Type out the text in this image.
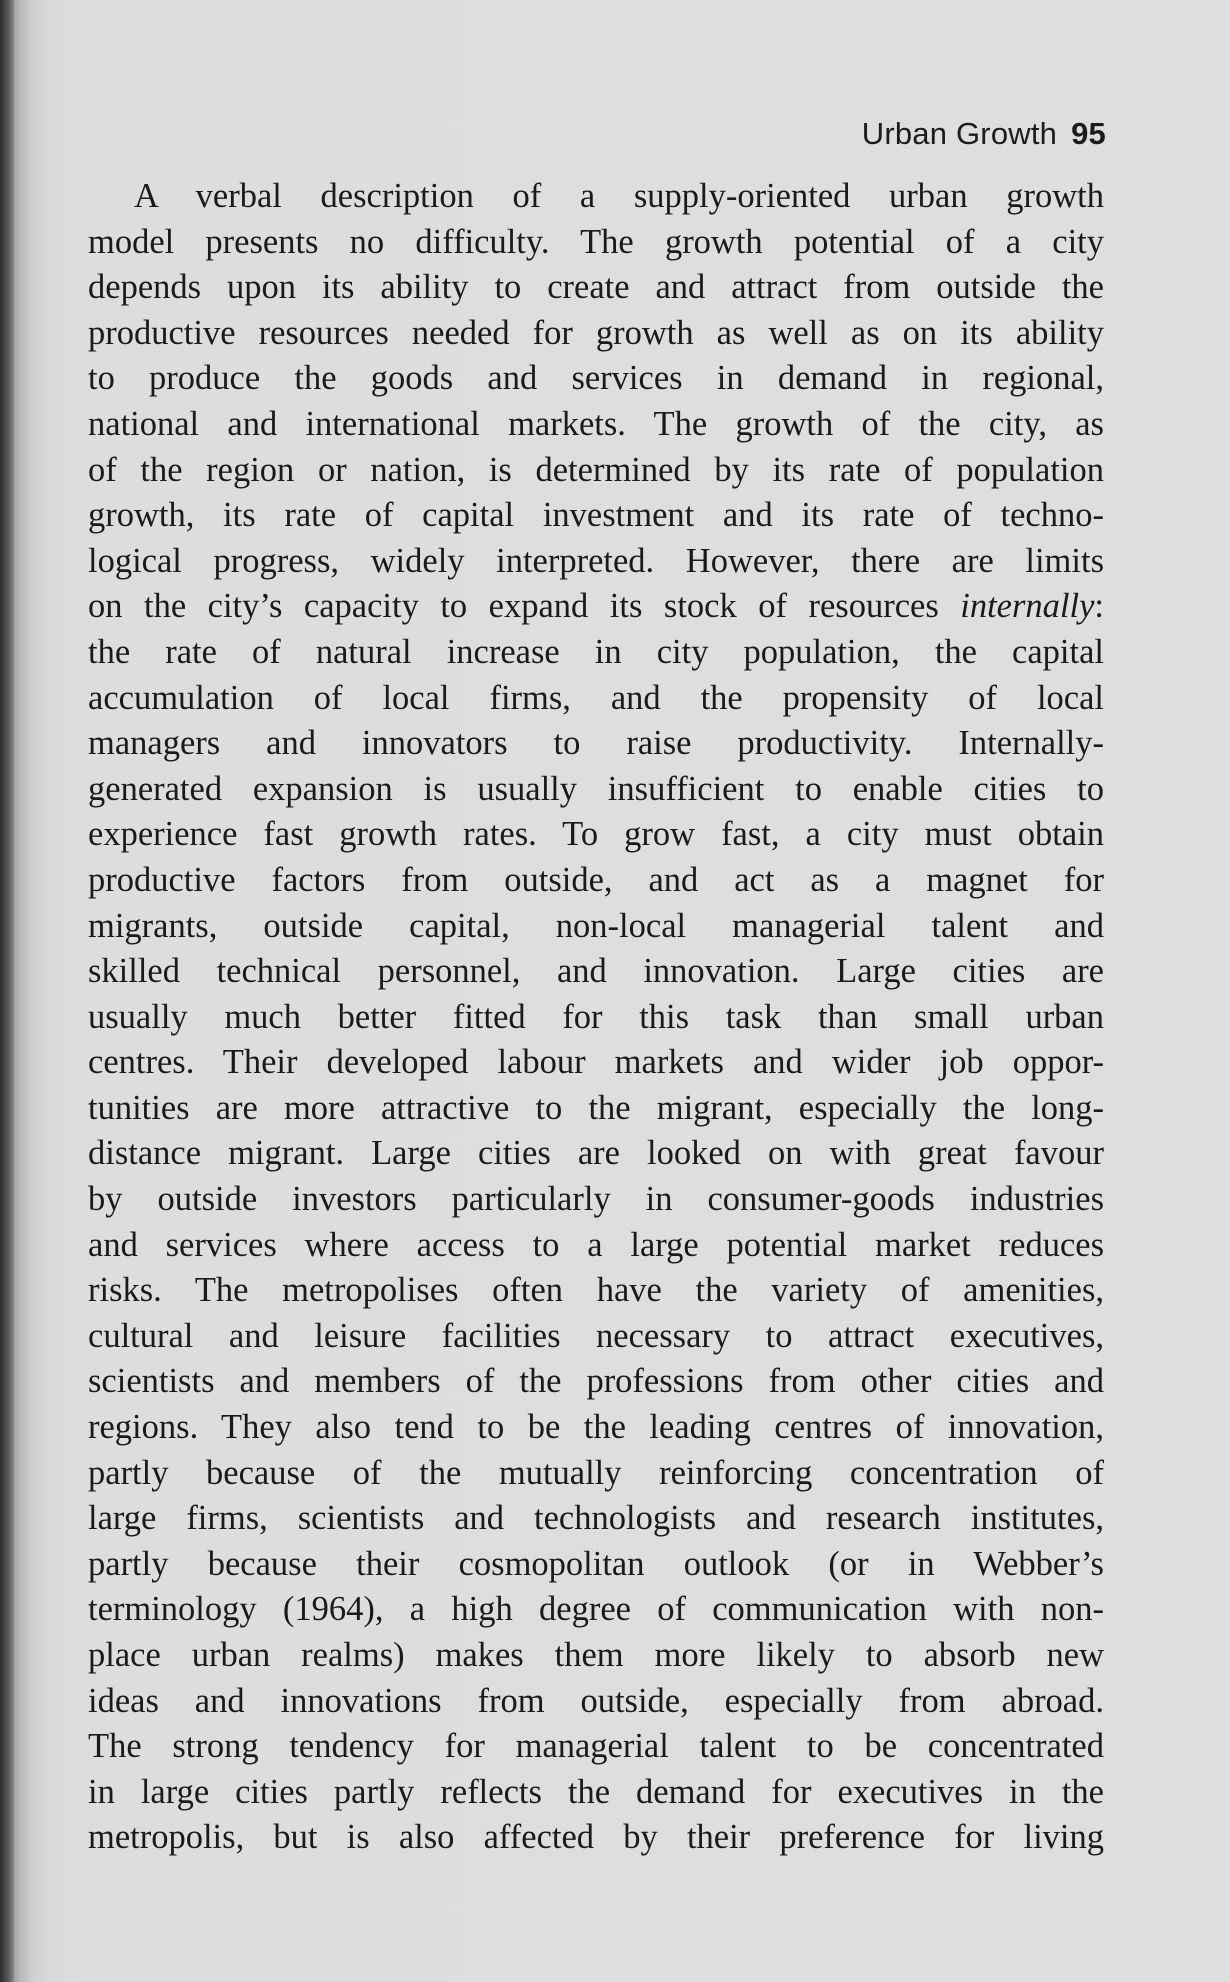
Urban Growth 95
A verbal description of a supply-oriented urban growth
model presents no difficulty. The growth potential of a city
depends upon its ability to create and attract from outside the
productive resources needed for growth as well as on its ability
to produce the goods and services in demand in regional,
national and international markets. The growth of the city, as
of the region or nation, is determined by its rate of population
growth, its rate of capital investment and its rate of techno-
logical progress, widely interpreted. However, there are limits
on the city’s capacity to expand its stock of resources internally:
the rate of natural increase in city population, the capital
accumulation of local firms, and the propensity of local
managers and innovators to raise productivity. Internally-
generated expansion is usually insufficient to enable cities to
experience fast growth rates. To grow fast, a city must obtain
productive factors from outside, and act as a magnet for
migrants, outside capital, non-local managerial talent and
skilled technical personnel, and innovation. Large cities are
usually much better fitted for this task than small urban
centres. Their developed labour markets and wider job oppor-
tunities are more attractive to the migrant, especially the long-
distance migrant. Large cities are looked on with great favour
by outside investors particularly in consumer-goods industries
and services where access to a large potential market reduces
risks. The metropolises often have the variety of amenities,
cultural and leisure facilities necessary to attract executives,
scientists and members of the professions from other cities and
regions. They also tend to be the leading centres of innovation,
partly because of the mutually reinforcing concentration of
large firms, scientists and technologists and research institutes,
partly because their cosmopolitan outlook (or in Webber’s
terminology (1964), a high degree of communication with non-
place urban realms) makes them more likely to absorb new
ideas and innovations from outside, especially from abroad.
The strong tendency for managerial talent to be concentrated
in large cities partly reflects the demand for executives in the
metropolis, but is also affected by their preference for living
